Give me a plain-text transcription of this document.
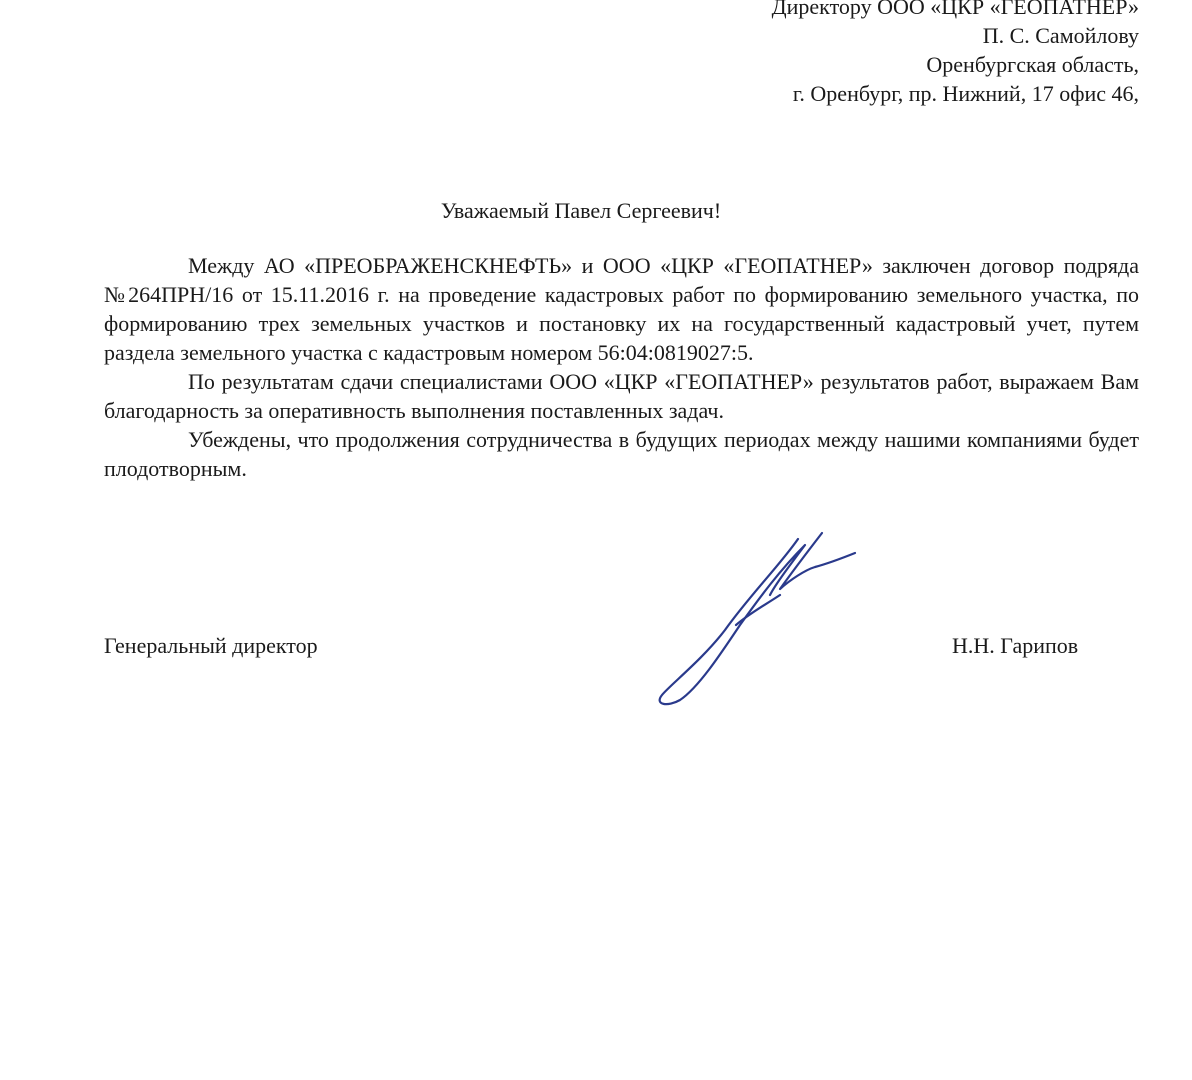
Директору ООО «ЦКР «ГЕОПАТНЕР»
П. С. Самойлову
Оренбургская область,
г. Оренбург, пр. Нижний, 17 офис 46,
Уважаемый Павел Сергеевич!

Между АО «ПРЕОБРАЖЕНСКНЕФТЬ» и ООО «ЦКР «ГЕОПАТНЕР» заключен договор подряда №264ПРН/16 от 15.11.2016 г. на проведение кадастровых работ по формированию земельного участка, по формированию трех земельных участков и постановку их на государственный кадастровый учет, путем раздела земельного участка с кадастровым номером 56:04:0819027:5.

По результатам сдачи специалистами ООО «ЦКР «ГЕОПАТНЕР» результатов работ, выражаем Вам благодарность за оперативность выполнения поставленных задач.

Убеждены, что продолжения сотрудничества в будущих периодах между нашими компаниями будет плодотворным.

Генеральный директор	Н.Н. Гарипов
